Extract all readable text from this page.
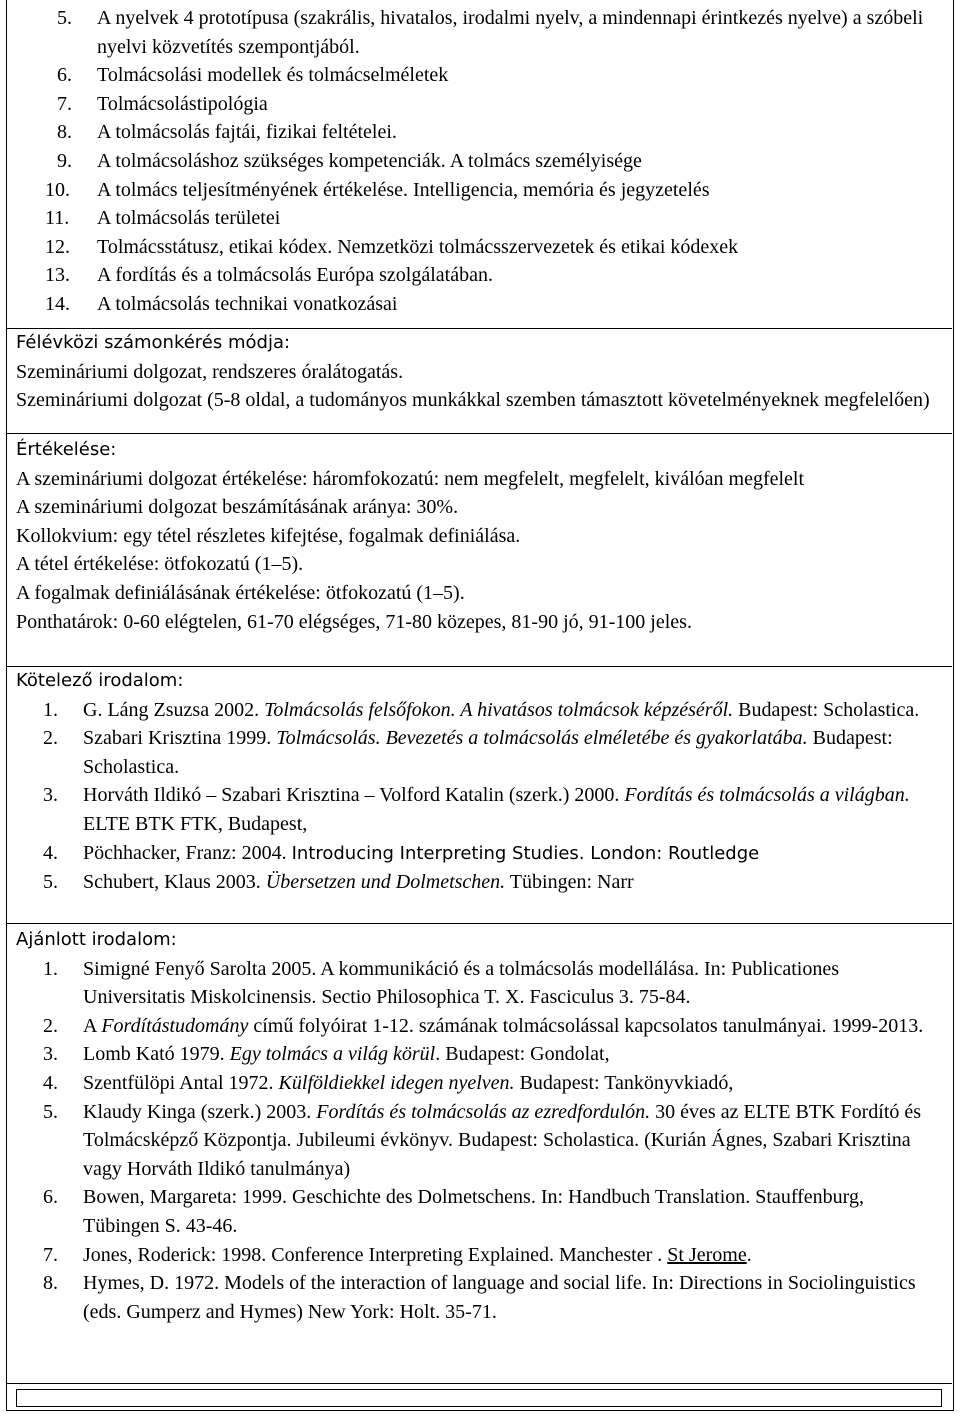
5. A nyelvek 4 prototípusa (szakrális, hivatalos, irodalmi nyelv, a mindennapi érintkezés nyelve) a szóbeli nyelvi közvetítés szempontjából.
6. Tolmácsolási modellek és tolmácselméletek
7. Tolmácsolástipológia
8. A tolmácsolás fajtái, fizikai feltételei.
9. A tolmácsoláshoz szükséges kompetenciák. A tolmács személyisége
10. A tolmács teljesítményének értékelése. Intelligencia, memória és jegyzetelés
11. A tolmácsolás területei
12. Tolmácsstátusz, etikai kódex. Nemzetközi tolmácsszervezetek és etikai kódexek
13. A fordítás és a tolmácsolás Európa szolgálatában.
14. A tolmácsolás technikai vonatkozásai

Félévközi számonkérés módja:

Szemináriumi dolgozat, rendszeres óralátogatás.

Szemináriumi dolgozat (5-8 oldal, a tudományos munkákkal szemben támasztott követelményeknek megfelelően)

Értékelése:

A szemináriumi dolgozat értékelése: háromfokozatú: nem megfelelt, megfelelt, kiválóan megfelelt

A szemináriumi dolgozat beszámításának aránya: 30%.

Kollokvium: egy tétel részletes kifejtése, fogalmak definiálása.

A tétel értékelése: ötfokozatú (1–5).

A fogalmak definiálásának értékelése: ötfokozatú (1–5).

Ponthatárok: 0-60 elégtelen, 61-70 elégséges, 71-80 közepes, 81-90 jó, 91-100 jeles.

Kötelező irodalom:

1. G. Láng Zsuzsa 2002. Tolmácsolás felsőfokon. A hivatásos tolmácsok képzéséről. Budapest: Scholastica.
2. Szabari Krisztina 1999. Tolmácsolás. Bevezetés a tolmácsolás elméletébe és gyakorlatába. Budapest: Scholastica.
3. Horváth Ildikó – Szabari Krisztina – Volford Katalin (szerk.) 2000. Fordítás és tolmácsolás a világban. ELTE BTK FTK, Budapest,
4. Pöchhacker, Franz: 2004. Introducing Interpreting Studies. London: Routledge
5. Schubert, Klaus 2003. Übersetzen und Dolmetschen. Tübingen: Narr

Ajánlott irodalom:

1. Simigné Fenyő Sarolta 2005. A kommunikáció és a tolmácsolás modellálása. In: Publicationes Universitatis Miskolcinensis. Sectio Philosophica T. X. Fasciculus 3. 75-84.
2. A Fordítástudomány című folyóirat 1-12. számának tolmácsolással kapcsolatos tanulmányai. 1999-2013.
3. Lomb Kató 1979. Egy tolmács a világ körül. Budapest: Gondolat,
4. Szentfülöpi Antal 1972. Külföldiekkel idegen nyelven. Budapest: Tankönyvkiadó,
5. Klaudy Kinga (szerk.) 2003. Fordítás és tolmácsolás az ezredfordulón. 30 éves az ELTE BTK Fordító és Tolmácsképző Központja. Jubileumi évkönyv. Budapest: Scholastica. (Kurián Ágnes, Szabari Krisztina vagy Horváth Ildikó tanulmánya)
6. Bowen, Margareta: 1999. Geschichte des Dolmetschens. In: Handbuch Translation. Stauffenburg, Tübingen S. 43-46.
7. Jones, Roderick: 1998. Conference Interpreting Explained. Manchester . St Jerome.
8. Hymes, D. 1972. Models of the interaction of language and social life. In: Directions in Sociolinguistics (eds. Gumperz and Hymes) New York: Holt. 35-71.
